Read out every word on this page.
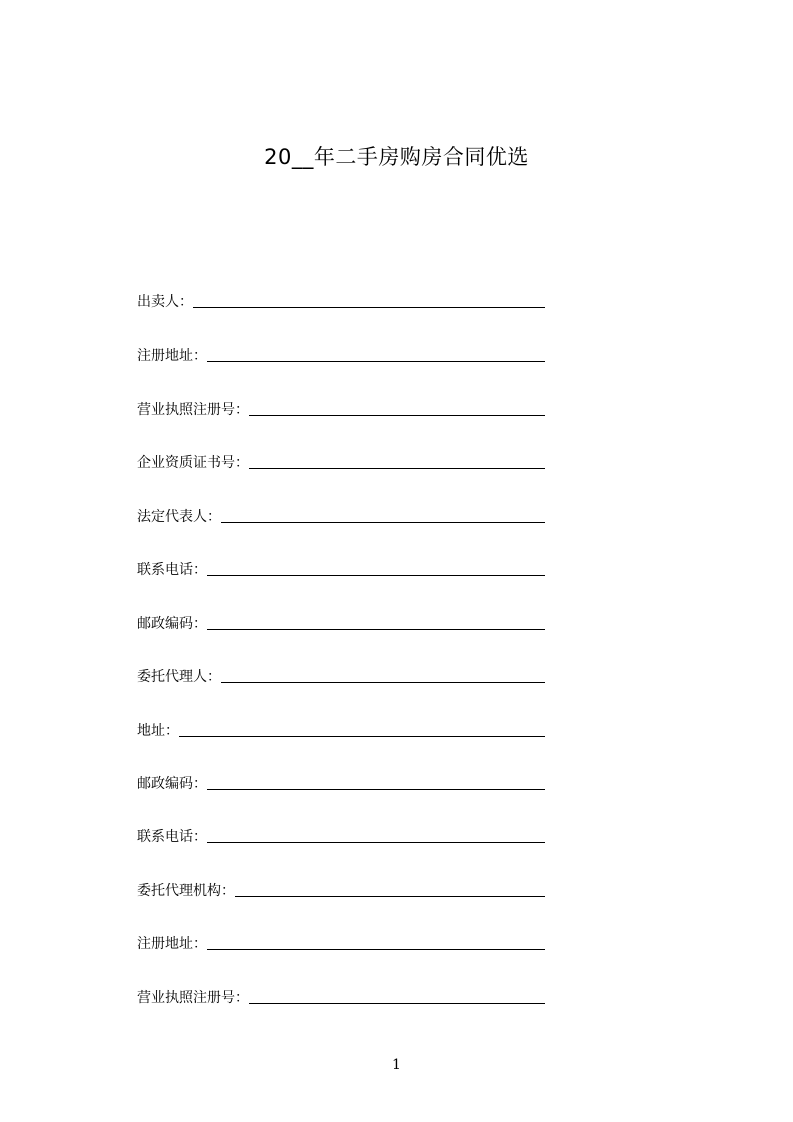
20__年二手房购房合同优选
出卖人：
注册地址：
营业执照注册号：
企业资质证书号：
法定代表人：
联系电话：
邮政编码：
委托代理人：
地址：
邮政编码：
联系电话：
委托代理机构：
注册地址：
营业执照注册号：
1
